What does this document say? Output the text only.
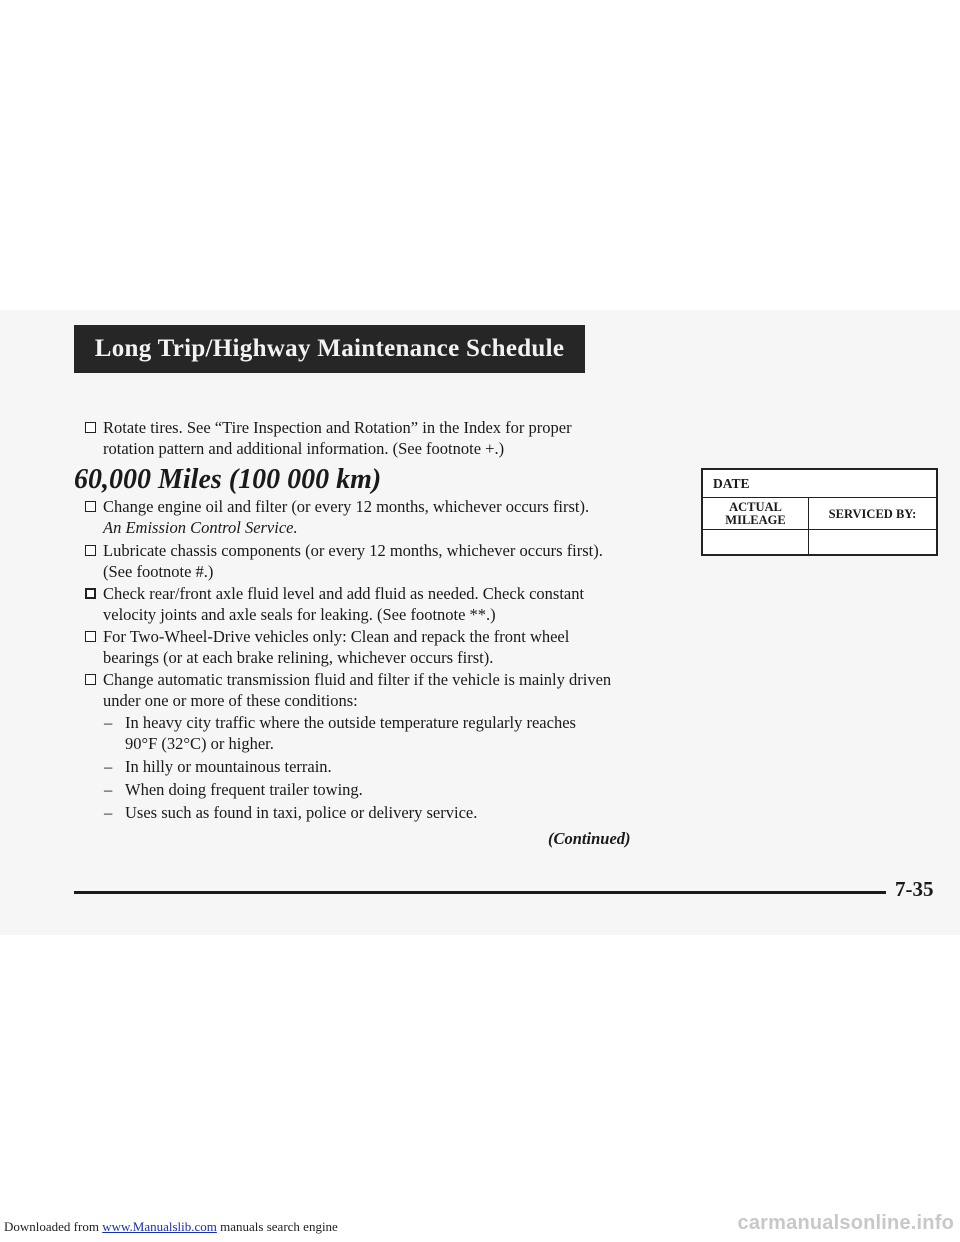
Long Trip/Highway Maintenance Schedule

Rotate tires. See “Tire Inspection and Rotation” in the Index for proper

rotation pattern and additional information. (See footnote +.)

60,000 Miles (100 000 km)

Change engine oil and filter (or every 12 months, whichever occurs first).

An Emission Control Service.

Lubricate chassis components (or every 12 months, whichever occurs first).

(See footnote #.)

Check rear/front axle fluid level and add fluid as needed. Check constant

velocity joints and axle seals for leaking. (See footnote **.)

For Two-Wheel-Drive vehicles only: Clean and repack the front wheel

bearings (or at each brake relining, whichever occurs first).

Change automatic transmission fluid and filter if the vehicle is mainly driven

under one or more of these conditions:

– In heavy city traffic where the outside temperature regularly reaches
90°F (32°C) or higher.
– In hilly or mountainous terrain.
– When doing frequent trailer towing.
– Uses such as found in taxi, police or delivery service.
(Continued)
DATE
ACTUAL
MILEAGE	SERVICED BY:
7-35
Downloaded from www.Manualslib.com manuals search engine	carmanualsonline.info
